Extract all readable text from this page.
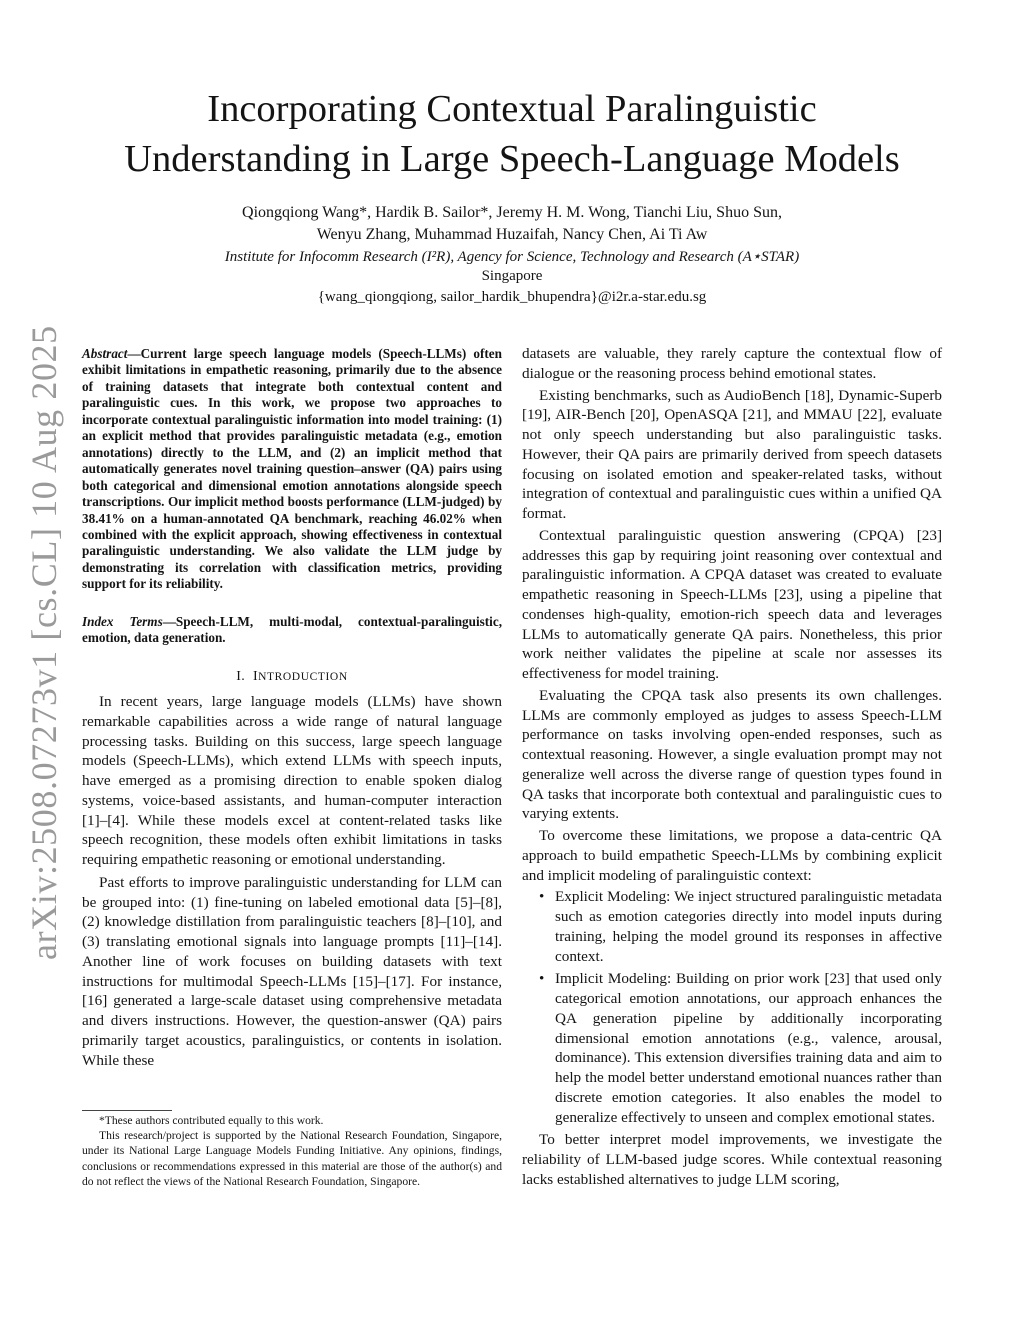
arXiv:2508.07273v1 [cs.CL] 10 Aug 2025
Incorporating Contextual Paralinguistic
Understanding in Large Speech-Language Models
Qiongqiong Wang*, Hardik B. Sailor*, Jeremy H. M. Wong, Tianchi Liu, Shuo Sun,
Wenyu Zhang, Muhammad Huzaifah, Nancy Chen, Ai Ti Aw
Institute for Infocomm Research (I²R), Agency for Science, Technology and Research (A⋆STAR)
Singapore
{wang_qiongqiong, sailor_hardik_bhupendra}@i2r.a-star.edu.sg
Abstract—Current large speech language models (Speech-LLMs) often exhibit limitations in empathetic reasoning, primarily due to the absence of training datasets that integrate both contextual content and paralinguistic cues. In this work, we propose two approaches to incorporate contextual paralinguistic information into model training: (1) an explicit method that provides paralinguistic metadata (e.g., emotion annotations) directly to the LLM, and (2) an implicit method that automatically generates novel training question–answer (QA) pairs using both categorical and dimensional emotion annotations alongside speech transcriptions. Our implicit method boosts performance (LLM-judged) by 38.41% on a human-annotated QA benchmark, reaching 46.02% when combined with the explicit approach, showing effectiveness in contextual paralinguistic understanding. We also validate the LLM judge by demonstrating its correlation with classification metrics, providing support for its reliability.
Index Terms—Speech-LLM, multi-modal, contextual-paralinguistic, emotion, data generation.
I. INTRODUCTION

In recent years, large language models (LLMs) have shown remarkable capabilities across a wide range of natural language processing tasks. Building on this success, large speech language models (Speech-LLMs), which extend LLMs with speech inputs, have emerged as a promising direction to enable spoken dialog systems, voice-based assistants, and human-computer interaction [1]–[4]. While these models excel at content-related tasks like speech recognition, these models often exhibit limitations in tasks requiring empathetic reasoning or emotional understanding.

Past efforts to improve paralinguistic understanding for LLM can be grouped into: (1) fine-tuning on labeled emotional data [5]–[8], (2) knowledge distillation from paralinguistic teachers [8]–[10], and (3) translating emotional signals into language prompts [11]–[14]. Another line of work focuses on building datasets with text instructions for multimodal Speech-LLMs [15]–[17]. For instance, [16] generated a large-scale dataset using comprehensive metadata and divers instructions. However, the question-answer (QA) pairs primarily target acoustics, paralinguistics, or contents in isolation. While these

*These authors contributed equally to this work.
This research/project is supported by the National Research Foundation, Singapore, under its National Large Language Models Funding Initiative. Any opinions, findings, conclusions or recommendations expressed in this material are those of the author(s) and do not reflect the views of the National Research Foundation, Singapore.

datasets are valuable, they rarely capture the contextual flow of dialogue or the reasoning process behind emotional states.

Existing benchmarks, such as AudioBench [18], Dynamic-Superb [19], AIR-Bench [20], OpenASQA [21], and MMAU [22], evaluate not only speech understanding but also paralinguistic tasks. However, their QA pairs are primarily derived from speech datasets focusing on isolated emotion and speaker-related tasks, without integration of contextual and paralinguistic cues within a unified QA format.

Contextual paralinguistic question answering (CPQA) [23] addresses this gap by requiring joint reasoning over contextual and paralinguistic information. A CPQA dataset was created to evaluate empathetic reasoning in Speech-LLMs [23], using a pipeline that condenses high-quality, emotion-rich speech data and leverages LLMs to automatically generate QA pairs. Nonetheless, this prior work neither validates the pipeline at scale nor assesses its effectiveness for model training.

Evaluating the CPQA task also presents its own challenges. LLMs are commonly employed as judges to assess Speech-LLM performance on tasks involving open-ended responses, such as contextual reasoning. However, a single evaluation prompt may not generalize well across the diverse range of question types found in QA tasks that incorporate both contextual and paralinguistic cues to varying extents.

To overcome these limitations, we propose a data-centric QA approach to build empathetic Speech-LLMs by combining explicit and implicit modeling of paralinguistic context:

• Explicit Modeling: We inject structured paralinguistic metadata such as emotion categories directly into model inputs during training, helping the model ground its responses in affective context.
• Implicit Modeling: Building on prior work [23] that used only categorical emotion annotations, our approach enhances the QA generation pipeline by additionally incorporating dimensional emotion annotations (e.g., valence, arousal, dominance). This extension diversifies training data and aim to help the model better understand emotional nuances rather than discrete emotion categories. It also enables the model to generalize effectively to unseen and complex emotional states.

To better interpret model improvements, we investigate the reliability of LLM-based judge scores. While contextual reasoning lacks established alternatives to judge LLM scoring,
